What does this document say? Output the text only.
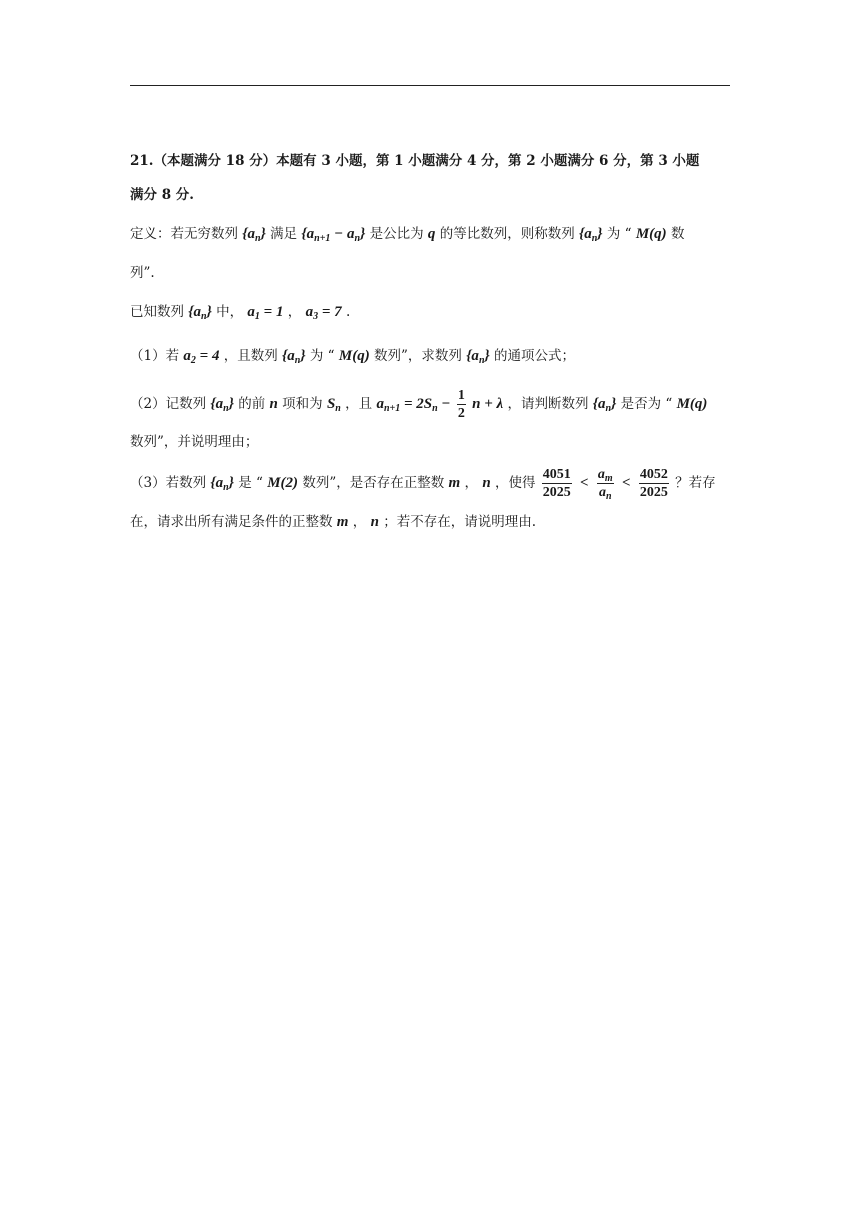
21.（本题满分 18 分）本题有 3 小题，第 1 小题满分 4 分，第 2 小题满分 6 分，第 3 小题
满分 8 分.
定义：若无穷数列 $\{a_n\}$ 满足 $\{a_{n+1} - a_n\}$ 是公比为 q 的等比数列，则称数列 $\{a_n\}$ 为 “ M(q) 数
列”.
已知数列 $\{a_n\}$ 中， $a_1 = 1$ ， $a_3 = 7$ .
（1）若 $a_2 = 4$ ，且数列 $\{a_n\}$ 为 “ M(q) 数列”，求数列 $\{a_n\}$ 的通项公式；
（2）记数列 $\{a_n\}$ 的前 n 项和为 $S_n$ ，且 $a_{n+1} = 2S_n - \frac{1}{2}$ n + λ ，请判断数列 $\{a_n\}$ 是否为 “ M(q)
数列”，并说明理由；
（3）若数列 $\{a_n\}$ 是 “ M(2) 数列”，是否存在正整数 m ， n ，使得 $\frac{4051}{2025} < \frac{a_m}{a_n} < \frac{4052}{2025}$ ？若存
在，请求出所有满足条件的正整数 m ， n ；若不存在，请说明理由.
